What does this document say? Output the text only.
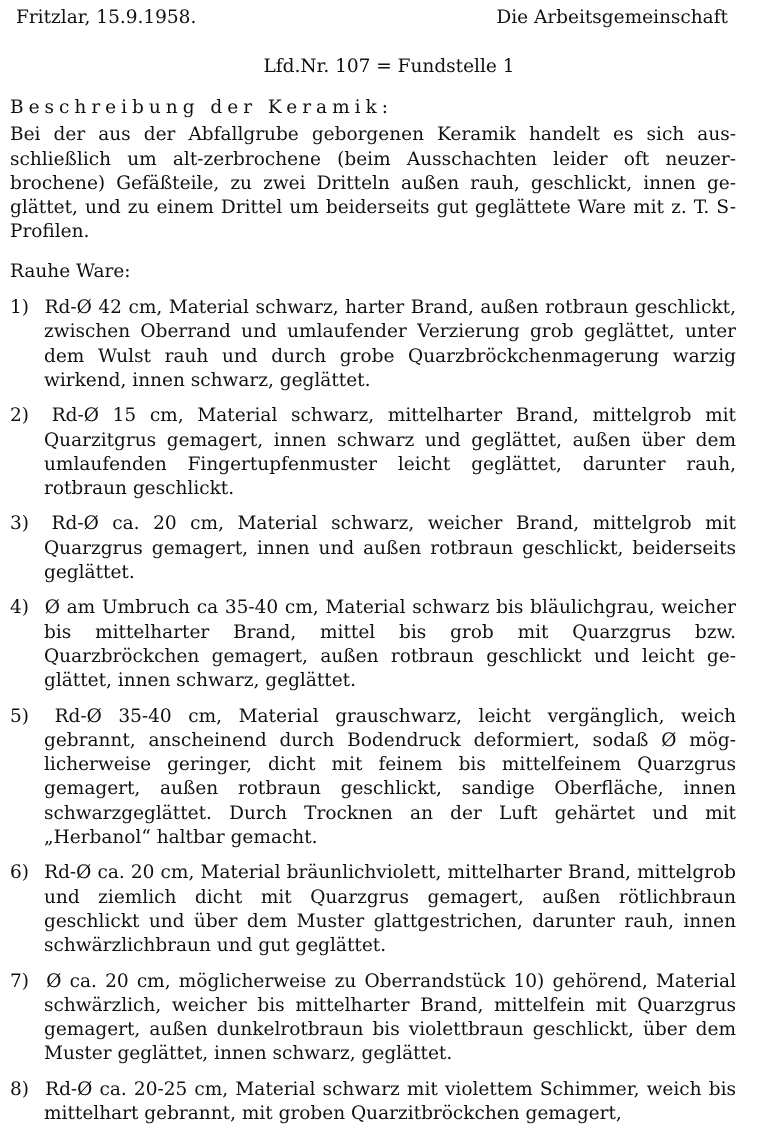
Fritzlar, 15.9.1958.	Die Arbeitsgemeinschaft
Lfd.Nr. 107 = Fundstelle 1

Beschreibung der Keramik:

Bei der aus der Abfallgrube geborgenen Keramik handelt es sich ausschließlich um alt-zerbrochene (beim Ausschachten leider oft neuzerbrochene) Gefäßteile, zu zwei Dritteln außen rauh, geschlickt, innen geglättet, und zu einem Drittel um beiderseits gut geglättete Ware mit z. T. S-Profilen.

Rauhe Ware:

1) Rd-Ø 42 cm, Material schwarz, harter Brand, außen rotbraun geschlickt, zwischen Oberrand und umlaufender Verzierung grob geglättet, unter dem Wulst rauh und durch grobe Quarzbröckchenmagerung warzig wirkend, innen schwarz, geglättet.
2) Rd-Ø 15 cm, Material schwarz, mittelharter Brand, mittelgrob mit Quarzitgrus gemagert, innen schwarz und geglättet, außen über dem umlaufenden Fingertupfenmuster leicht geglättet, darunter rauh, rotbraun geschlickt.
3) Rd-Ø ca. 20 cm, Material schwarz, weicher Brand, mittelgrob mit Quarzgrus gemagert, innen und außen rotbraun geschlickt, beiderseits geglättet.
4) Ø am Umbruch ca 35-40 cm, Material schwarz bis bläulichgrau, weicher bis mittelharter Brand, mittel bis grob mit Quarzgrus bzw. Quarzbröckchen gemagert, außen rotbraun geschlickt und leicht geglättet, innen schwarz, geglättet.
5) Rd-Ø 35-40 cm, Material grauschwarz, leicht vergänglich, weich gebrannt, anscheinend durch Bodendruck deformiert, sodaß Ø möglicherweise geringer, dicht mit feinem bis mittelfeinem Quarzgrus gemagert, außen rotbraun geschlickt, sandige Oberfläche, innen schwarzgeglättet. Durch Trocknen an der Luft gehärtet und mit „Herbanol“ haltbar gemacht.
6) Rd-Ø ca. 20 cm, Material bräunlichviolett, mittelharter Brand, mittelgrob und ziemlich dicht mit Quarzgrus gemagert, außen rötlichbraun geschlickt und über dem Muster glattgestrichen, darunter rauh, innen schwärzlichbraun und gut geglättet.
7) Ø ca. 20 cm, möglicherweise zu Oberrandstück 10) gehörend, Material schwärzlich, weicher bis mittelharter Brand, mittelfein mit Quarzgrus gemagert, außen dunkelrotbraun bis violettbraun geschlickt, über dem Muster geglättet, innen schwarz, geglättet.
8) Rd-Ø ca. 20-25 cm, Material schwarz mit violettem Schimmer, weich bis mittelhart gebrannt, mit groben Quarzitbröckchen gemagert,
